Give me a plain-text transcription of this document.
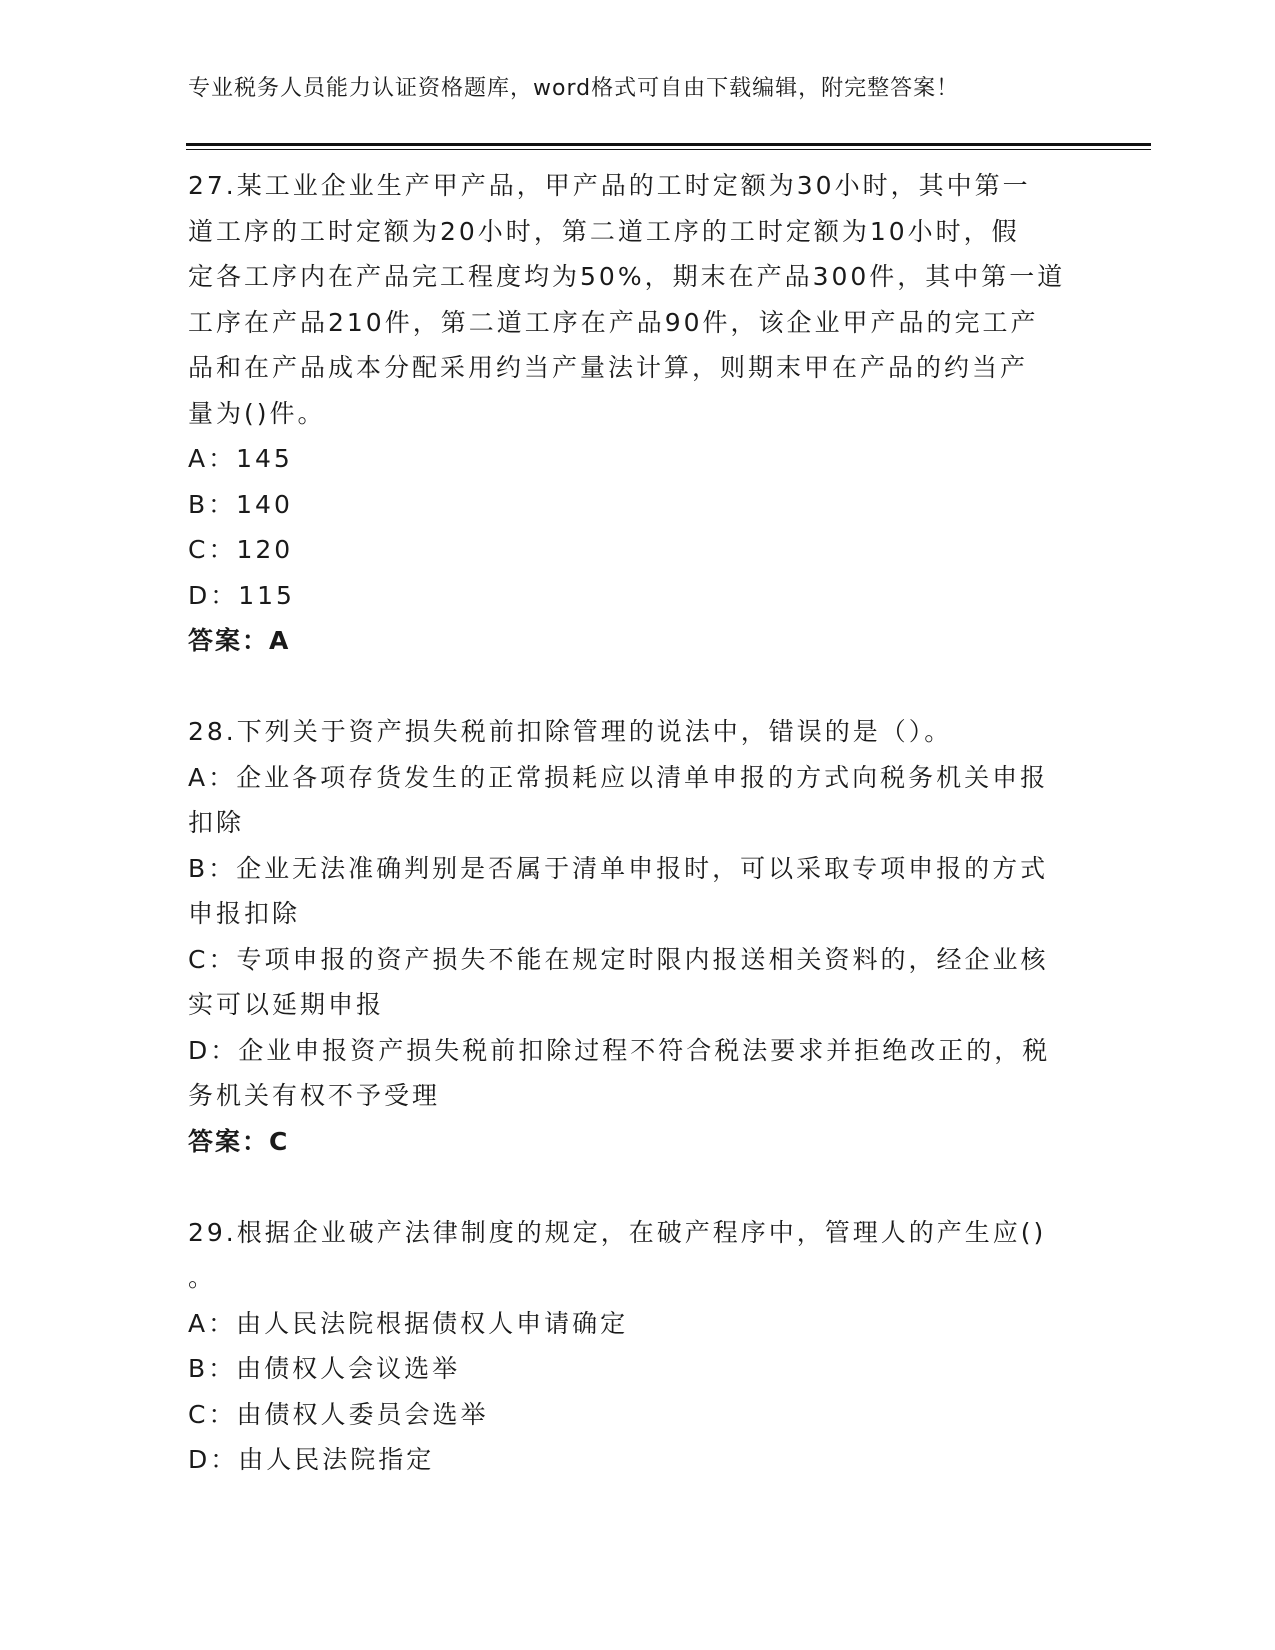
专业税务人员能力认证资格题库，word格式可自由下载编辑，附完整答案！
27.某工业企业生产甲产品，甲产品的工时定额为30小时，其中第一
道工序的工时定额为20小时，第二道工序的工时定额为10小时，假
定各工序内在产品完工程度均为50%，期末在产品300件，其中第一道
工序在产品210件，第二道工序在产品90件，该企业甲产品的完工产
品和在产品成本分配采用约当产量法计算，则期末甲在产品的约当产
量为()件。
A：145
B：140
C：120
D：115
答案：A
28.下列关于资产损失税前扣除管理的说法中，错误的是（）。
A：企业各项存货发生的正常损耗应以清单申报的方式向税务机关申报
扣除
B：企业无法准确判别是否属于清单申报时，可以采取专项申报的方式
申报扣除
C：专项申报的资产损失不能在规定时限内报送相关资料的，经企业核
实可以延期申报
D：企业申报资产损失税前扣除过程不符合税法要求并拒绝改正的，税
务机关有权不予受理
答案：C
29.根据企业破产法律制度的规定，在破产程序中，管理人的产生应()
。
A：由人民法院根据债权人申请确定
B：由债权人会议选举
C：由债权人委员会选举
D：由人民法院指定
